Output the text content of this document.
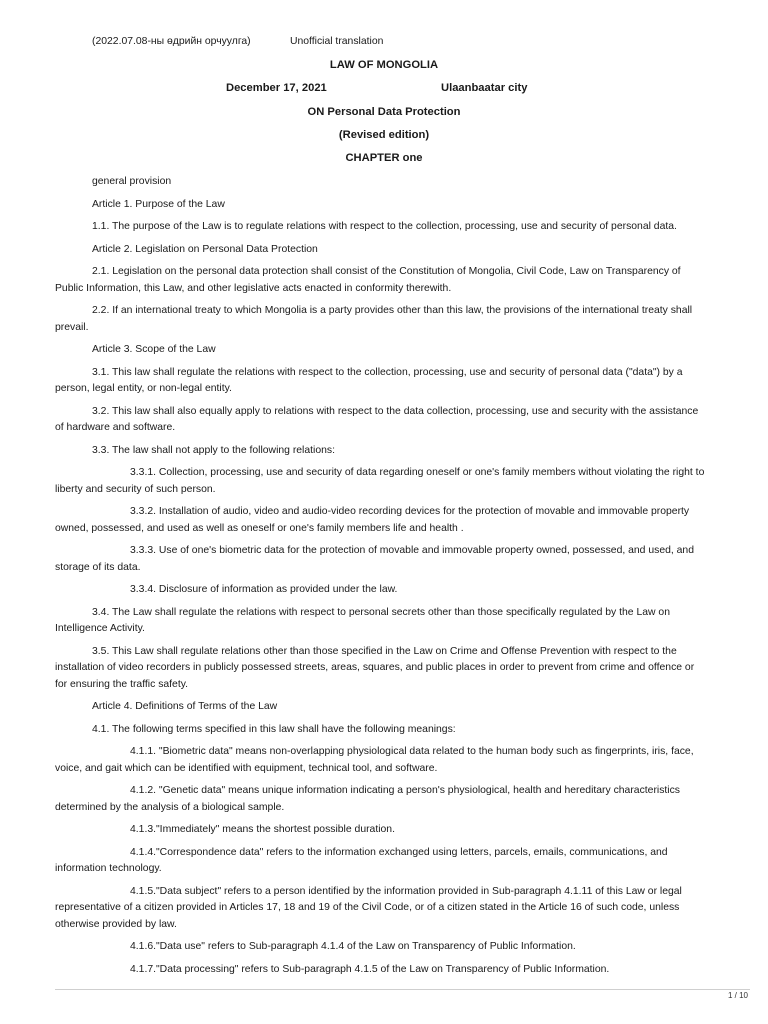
(2022.07.08-ны өдрийн орчуулга)	Unofficial translation
LAW OF MONGOLIA
December 17, 2021	Ulaanbaatar city
ON Personal Data Protection
(Revised edition)
CHAPTER one

general provision

Article 1. Purpose of the Law

1.1. The purpose of the Law is to regulate relations with respect to the collection, processing, use and security of personal data.

Article 2. Legislation on Personal Data Protection

2.1. Legislation on the personal data protection shall consist of the Constitution of Mongolia, Civil Code, Law on Transparency of Public Information, this Law, and other legislative acts enacted in conformity therewith.

2.2. If an international treaty to which Mongolia is a party provides other than this law, the provisions of the international treaty shall prevail.

Article 3. Scope of the Law

3.1. This law shall regulate the relations with respect to the collection, processing, use and security of personal data ("data") by a person, legal entity, or non-legal entity.

3.2. This law shall also equally apply to relations with respect to the data collection, processing, use and security with the assistance of hardware and software.

3.3. The law shall not apply to the following relations:

3.3.1. Collection, processing, use and security of data regarding oneself or one's family members without violating the right to liberty and security of such person.

3.3.2. Installation of audio, video and audio-video recording devices for the protection of movable and immovable property owned, possessed, and used as well as oneself or one's family members life and health .

3.3.3. Use of one's biometric data for the protection of movable and immovable property owned, possessed, and used, and storage of its data.

3.3.4. Disclosure of information as provided under the law.

3.4. The Law shall regulate the relations with respect to personal secrets other than those specifically regulated by the Law on Intelligence Activity.

3.5. This Law shall regulate relations other than those specified in the Law on Crime and Offense Prevention with respect to the installation of video recorders in publicly possessed streets, areas, squares, and public places in order to prevent from crime and offence or for ensuring the traffic safety.

Article 4. Definitions of Terms of the Law

4.1. The following terms specified in this law shall have the following meanings:

4.1.1. "Biometric data" means non-overlapping physiological data related to the human body such as fingerprints, iris, face, voice, and gait which can be identified with equipment, technical tool, and software.

4.1.2. "Genetic data" means unique information indicating a person's physiological, health and hereditary characteristics determined by the analysis of a biological sample.

4.1.3."Immediately" means the shortest possible duration.

4.1.4."Correspondence data" refers to the information exchanged using letters, parcels, emails, communications, and information technology.

4.1.5."Data subject" refers to a person identified by the information provided in Sub-paragraph 4.1.11 of this Law or legal representative of a citizen provided in Articles 17, 18 and 19 of the Civil Code, or of a citizen stated in the Article 16 of such code, unless otherwise provided by law.

4.1.6."Data use" refers to Sub-paragraph 4.1.4 of the Law on Transparency of Public Information.

4.1.7."Data processing" refers to Sub-paragraph 4.1.5 of the Law on Transparency of Public Information.

1 / 10
